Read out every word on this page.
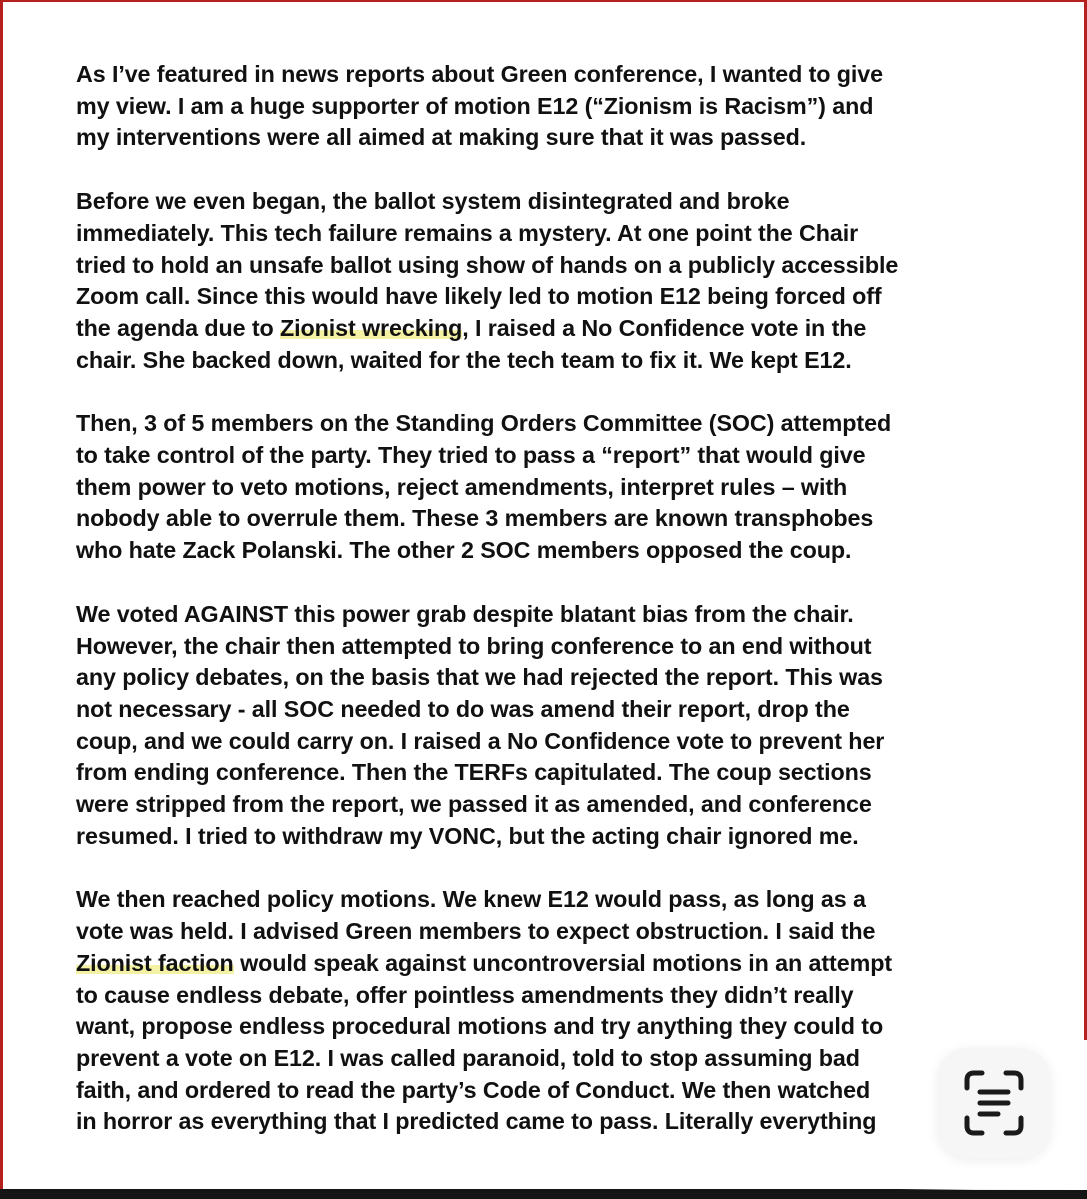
As I’ve featured in news reports about Green conference, I wanted to give
my view. I am a huge supporter of motion E12 (“Zionism is Racism”) and
my interventions were all aimed at making sure that it was passed.

Before we even began, the ballot system disintegrated and broke
immediately. This tech failure remains a mystery. At one point the Chair
tried to hold an unsafe ballot using show of hands on a publicly accessible
Zoom call. Since this would have likely led to motion E12 being forced off
the agenda due to Zionist wrecking, I raised a No Confidence vote in the
chair. She backed down, waited for the tech team to fix it. We kept E12.

Then, 3 of 5 members on the Standing Orders Committee (SOC) attempted
to take control of the party. They tried to pass a “report” that would give
them power to veto motions, reject amendments, interpret rules – with
nobody able to overrule them. These 3 members are known transphobes
who hate Zack Polanski. The other 2 SOC members opposed the coup.

We voted AGAINST this power grab despite blatant bias from the chair.
However, the chair then attempted to bring conference to an end without
any policy debates, on the basis that we had rejected the report. This was
not necessary - all SOC needed to do was amend their report, drop the
coup, and we could carry on. I raised a No Confidence vote to prevent her
from ending conference. Then the TERFs capitulated. The coup sections
were stripped from the report, we passed it as amended, and conference
resumed. I tried to withdraw my VONC, but the acting chair ignored me.

We then reached policy motions. We knew E12 would pass, as long as a
vote was held. I advised Green members to expect obstruction. I said the
Zionist faction would speak against uncontroversial motions in an attempt
to cause endless debate, offer pointless amendments they didn’t really
want, propose endless procedural motions and try anything they could to
prevent a vote on E12. I was called paranoid, told to stop assuming bad
faith, and ordered to read the party’s Code of Conduct. We then watched
in horror as everything that I predicted came to pass. Literally everything
